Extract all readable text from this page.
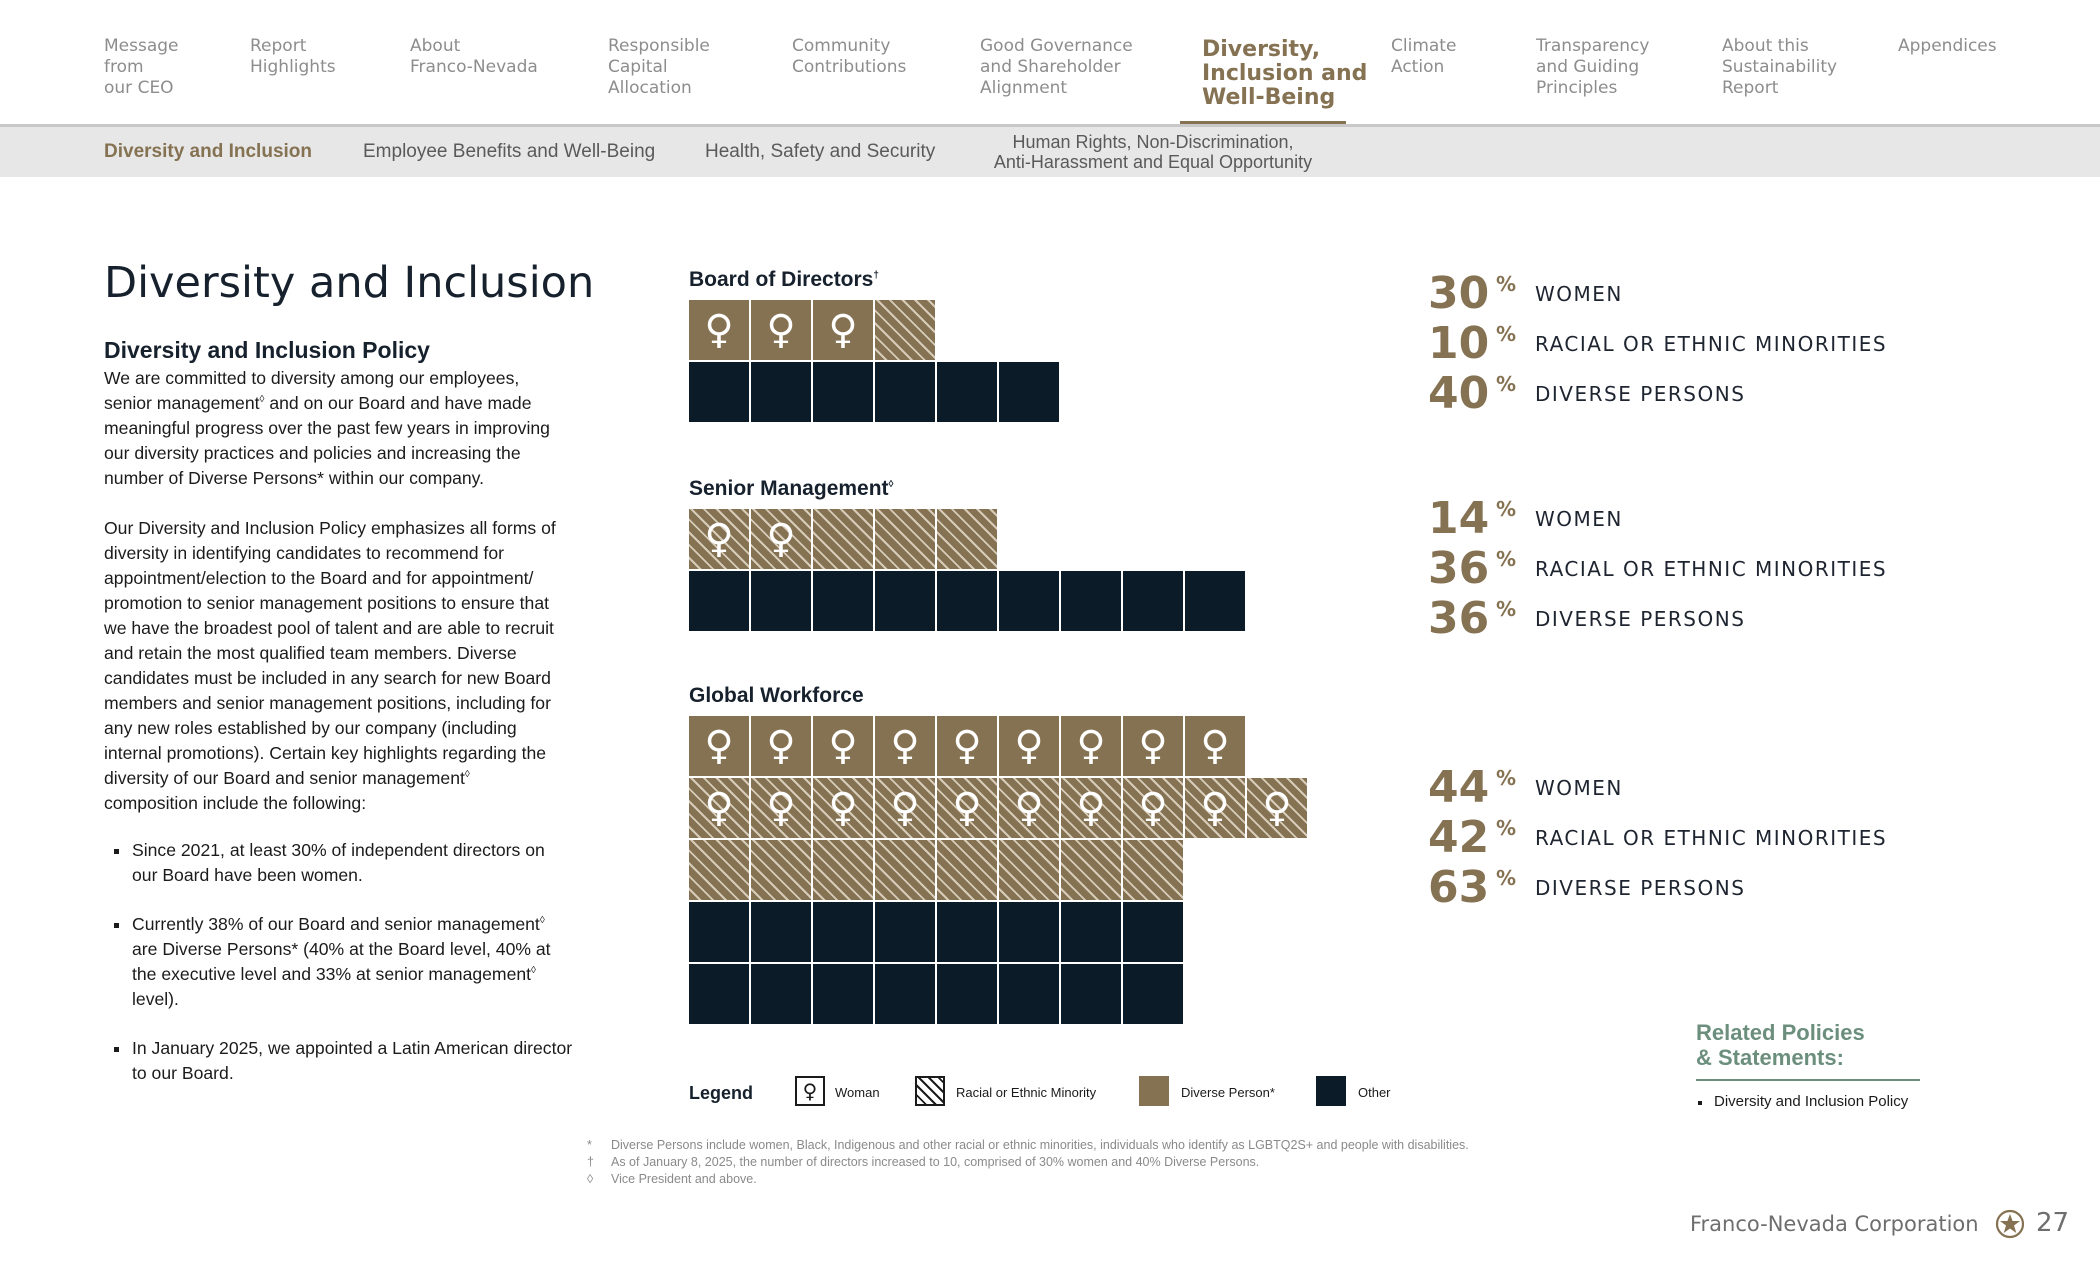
Message
from
our CEO
Report
Highlights
About
Franco-Nevada
Responsible
Capital
Allocation
Community
Contributions
Good Governance
and Shareholder
Alignment
Diversity,
Inclusion and
Well-Being
Climate
Action
Transparency
and Guiding
Principles
About this
Sustainability
Report
Appendices
Diversity and Inclusion	Employee Benefits and Well-Being	Health, Safety and Security	Human Rights, Non-Discrimination,
Anti-Harassment and Equal Opportunity
Diversity and Inclusion
Diversity and Inclusion Policy

We are committed to diversity among our employees, senior management◊ and on our Board and have made meaningful progress over the past few years in improving our diversity practices and policies and increasing the number of Diverse Persons* within our company.

Our Diversity and Inclusion Policy emphasizes all forms of diversity in identifying candidates to recommend for appointment/election to the Board and for appointment/ promotion to senior management positions to ensure that we have the broadest pool of talent and are able to recruit and retain the most qualified team members. Diverse candidates must be included in any search for new Board members and senior management positions, including for any new roles established by our company (including internal promotions). Certain key highlights regarding the diversity of our Board and senior management◊ composition include the following:

Since 2021, at least 30% of independent directors on our Board have been women.
Currently 38% of our Board and senior management◊ are Diverse Persons* (40% at the Board level, 40% at the executive level and 33% at senior management◊ level).
In January 2025, we appointed a Latin American director to our Board.
Board of Directors†
♀ ♀ ♀
Senior Management◊
♀ ♀
Global Workforce
♀ ♀ ♀ ♀ ♀ ♀ ♀ ♀ ♀
♀ ♀ ♀ ♀ ♀ ♀ ♀ ♀ ♀ ♀
30 % WOMEN
10 % RACIAL OR ETHNIC MINORITIES
40 % DIVERSE PERSONS
14 % WOMEN
36 % RACIAL OR ETHNIC MINORITIES
36 % DIVERSE PERSONS
44 % WOMEN
42 % RACIAL OR ETHNIC MINORITIES
63 % DIVERSE PERSONS
Legend ♀	Woman	Racial or Ethnic Minority	Diverse Person*	Other
* Diverse Persons include women, Black, Indigenous and other racial or ethnic minorities, individuals who identify as LGBTQ2S+ and people with disabilities.
† As of January 8, 2025, the number of directors increased to 10, comprised of 30% women and 40% Diverse Persons.
◊ Vice President and above.
Related Policies
& Statements:
Diversity and Inclusion Policy
Franco-Nevada Corporation 27
